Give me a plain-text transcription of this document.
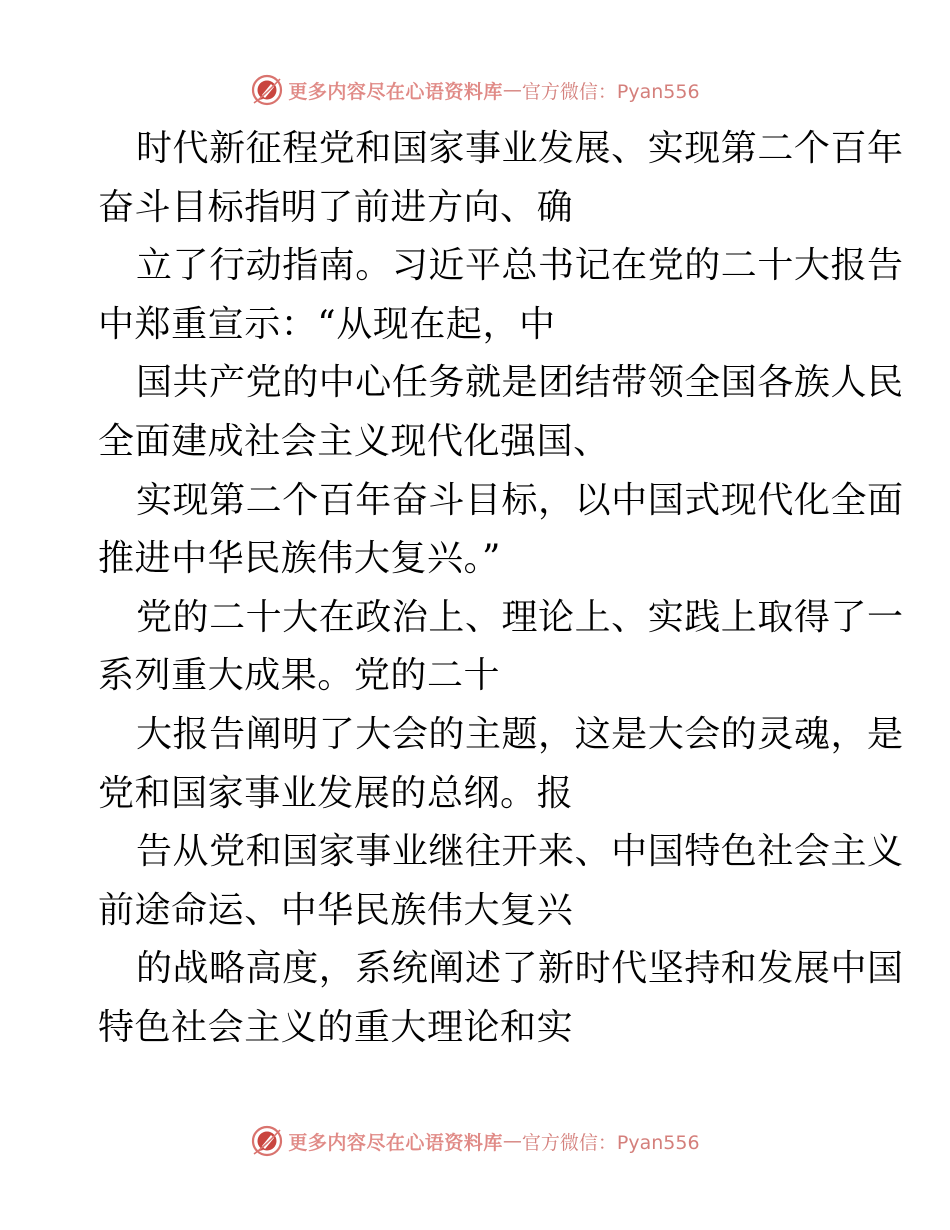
更多内容尽在心语资料库 — 官方微信：Pyan556
时代新征程党和国家事业发展、实现第二个百年
奋斗目标指明了前进方向、确
立了行动指南。习近平总书记在党的二十大报告
中郑重宣示：“从现在起，中
国共产党的中心任务就是团结带领全国各族人民
全面建成社会主义现代化强国、
实现第二个百年奋斗目标，以中国式现代化全面
推进中华民族伟大复兴。”
党的二十大在政治上、理论上、实践上取得了一
系列重大成果。党的二十
大报告阐明了大会的主题，这是大会的灵魂，是
党和国家事业发展的总纲。报
告从党和国家事业继往开来、中国特色社会主义
前途命运、中华民族伟大复兴
的战略高度，系统阐述了新时代坚持和发展中国
特色社会主义的重大理论和实
更多内容尽在心语资料库 — 官方微信：Pyan556
